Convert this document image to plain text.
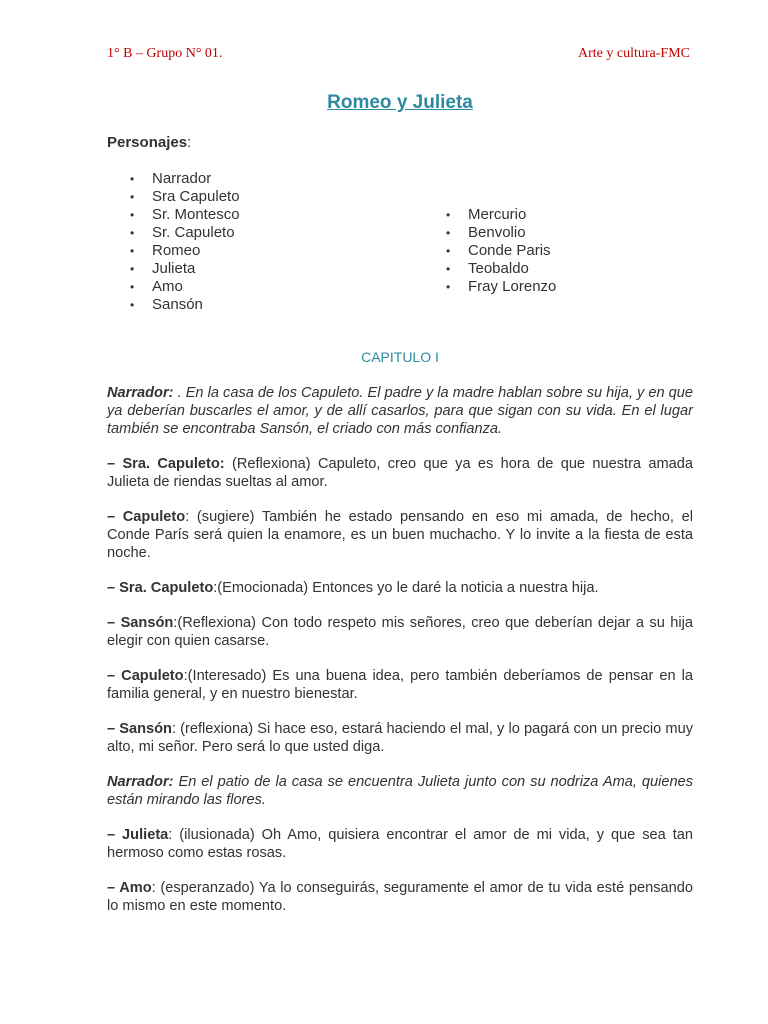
1° B – Grupo N° 01.	Arte y cultura-FMC
Romeo y Julieta
Personajes:
• Narrador
• Sra Capuleto
• Sr. Montesco
• Sr. Capuleto
• Romeo
• Julieta
• Amo
• Sansón
• Mercurio
• Benvolio
• Conde Paris
• Teobaldo
• Fray Lorenzo
CAPITULO I

Narrador: . En la casa de los Capuleto. El padre y la madre hablan sobre su hija, y en que ya deberían buscarles el amor, y de allí casarlos, para que sigan con su vida. En el lugar también se encontraba Sansón, el criado con más confianza.

– Sra. Capuleto: (Reflexiona) Capuleto, creo que ya es hora de que nuestra amada Julieta de riendas sueltas al amor.

– Capuleto: (sugiere) También he estado pensando en eso mi amada, de hecho, el Conde París será quien la enamore, es un buen muchacho. Y lo invite a la fiesta de esta noche.

– Sra. Capuleto:(Emocionada) Entonces yo le daré la noticia a nuestra hija.

– Sansón:(Reflexiona) Con todo respeto mis señores, creo que deberían dejar a su hija elegir con quien casarse.

– Capuleto:(Interesado) Es una buena idea, pero también deberíamos de pensar en la familia general, y en nuestro bienestar.

– Sansón: (reflexiona) Si hace eso, estará haciendo el mal, y lo pagará con un precio muy alto, mi señor. Pero será lo que usted diga.

Narrador: En el patio de la casa se encuentra Julieta junto con su nodriza Ama, quienes están mirando las flores.

– Julieta: (ilusionada) Oh Amo, quisiera encontrar el amor de mi vida, y que sea tan hermoso como estas rosas.

– Amo: (esperanzado) Ya lo conseguirás, seguramente el amor de tu vida esté pensando lo mismo en este momento.
